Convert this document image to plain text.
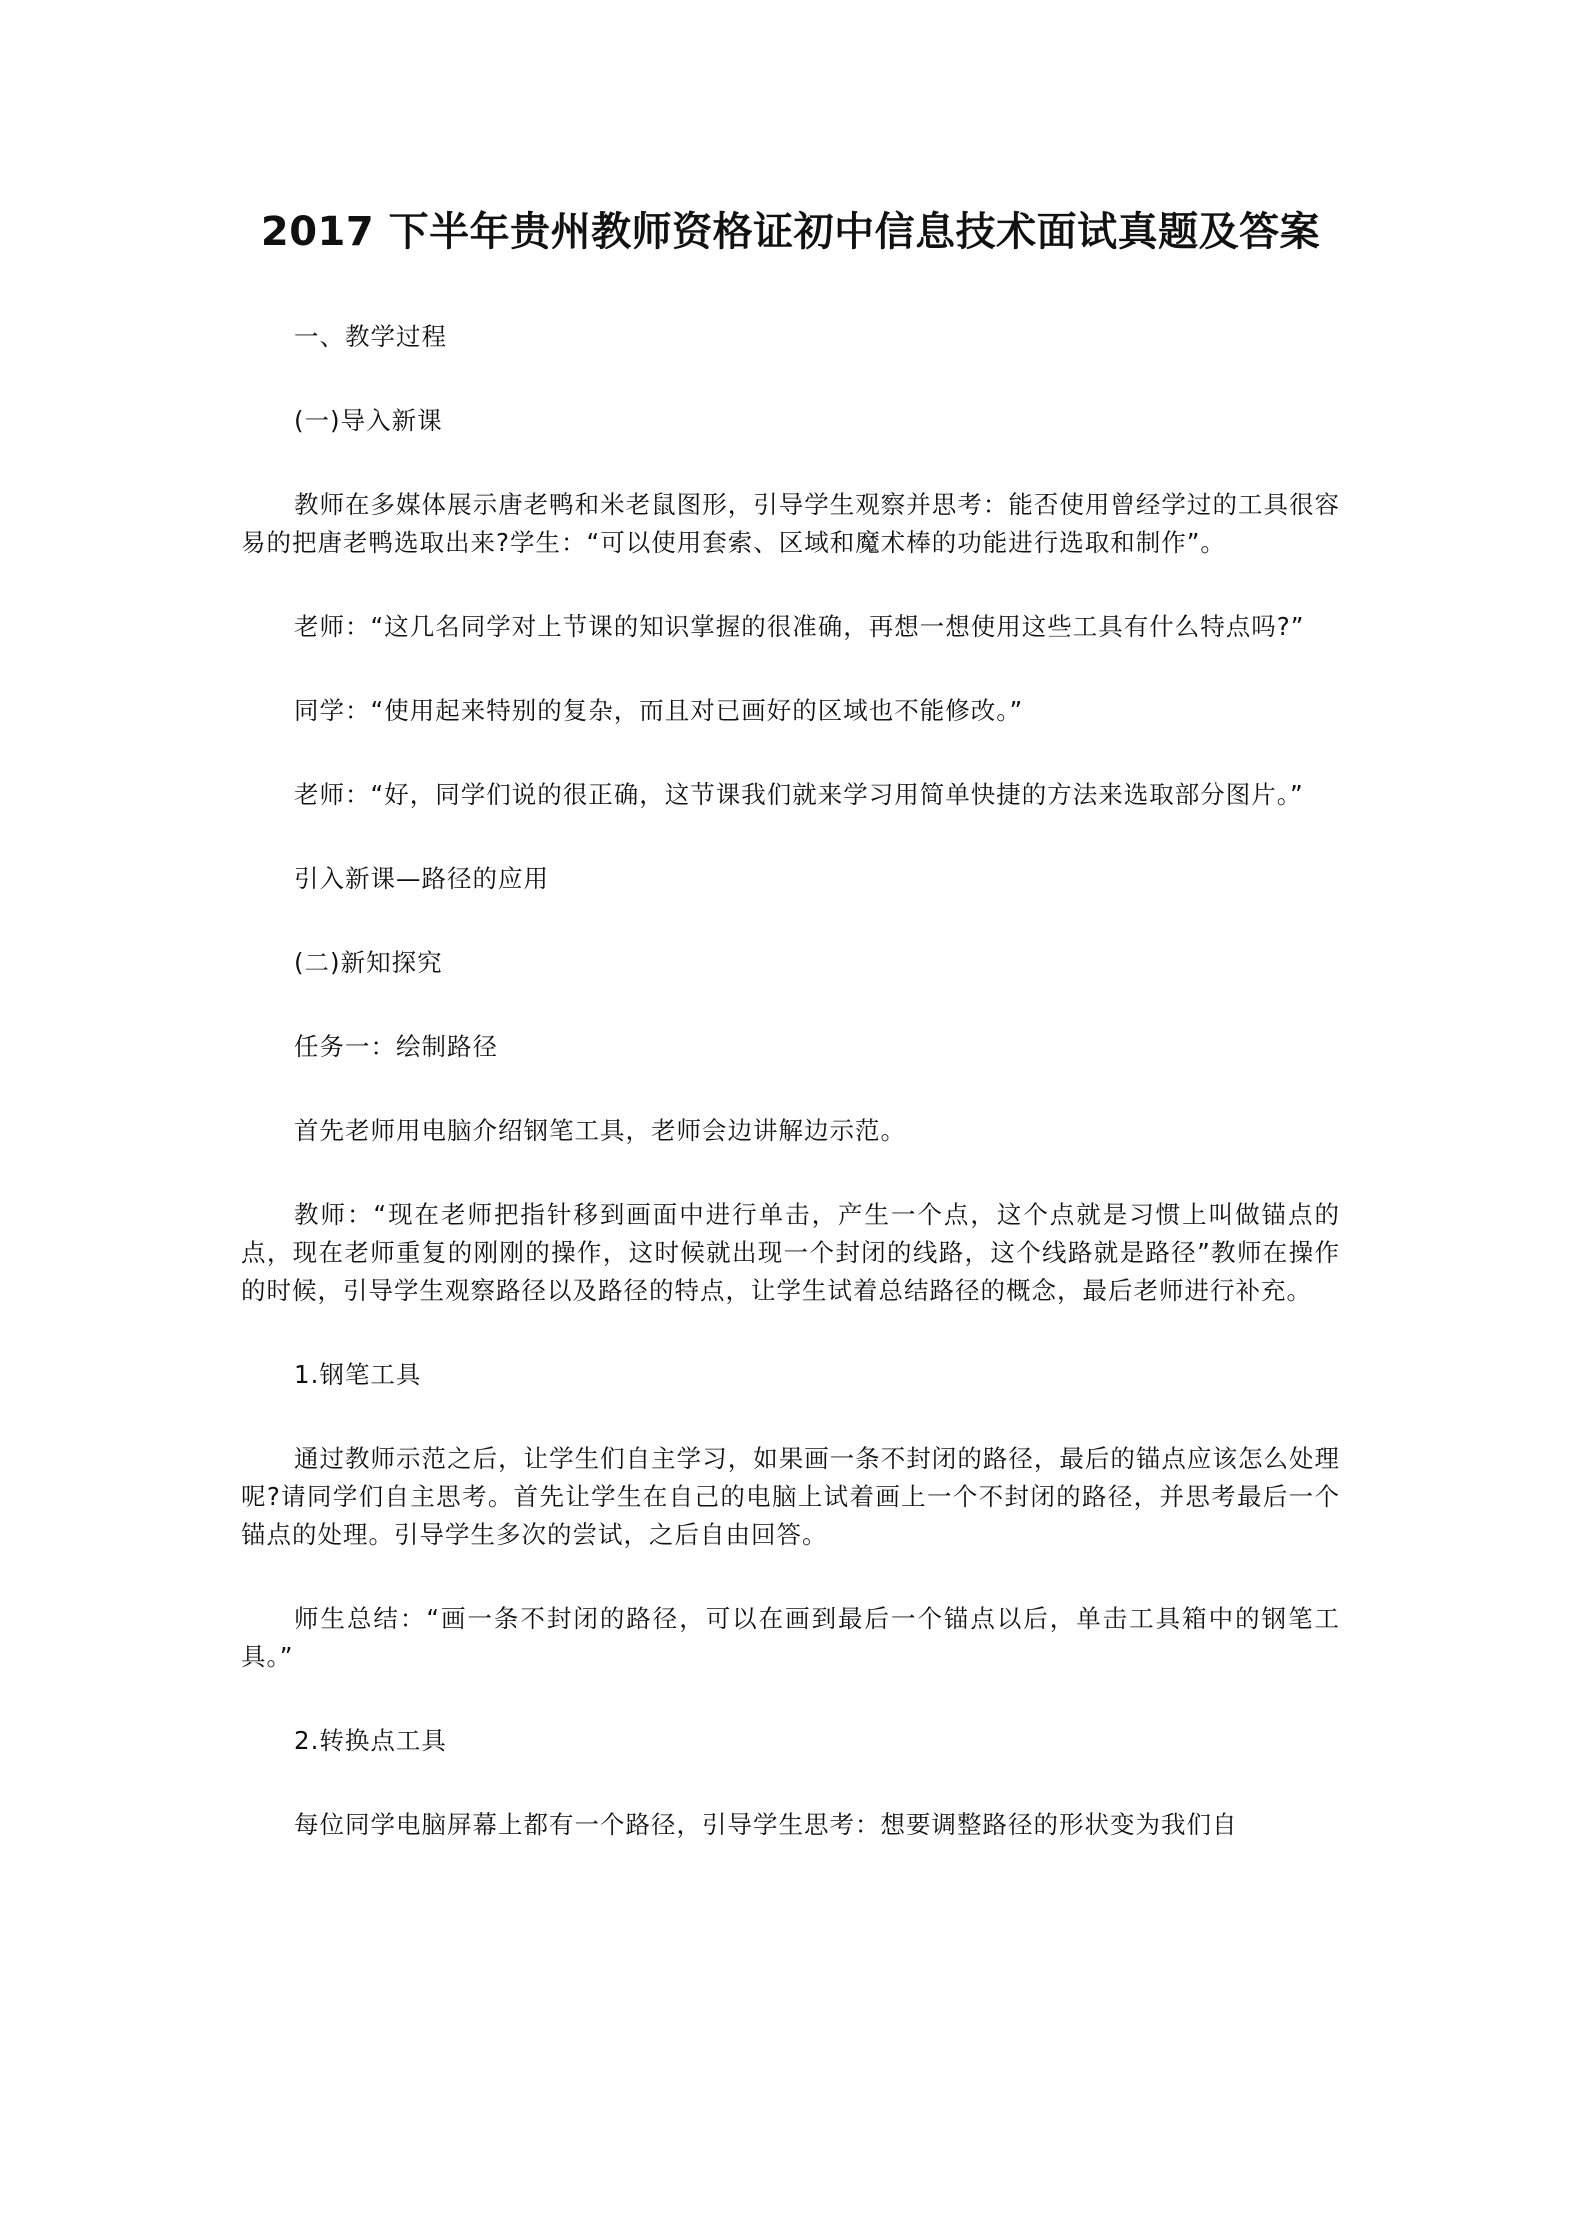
2017 下半年贵州教师资格证初中信息技术面试真题及答案

一、教学过程

(一)导入新课

教师在多媒体展示唐老鸭和米老鼠图形，引导学生观察并思考：能否使用曾经学过的工具很容易的把唐老鸭选取出来?学生：“可以使用套索、区域和魔术棒的功能进行选取和制作”。

老师：“这几名同学对上节课的知识掌握的很准确，再想一想使用这些工具有什么特点吗?”

同学：“使用起来特别的复杂，而且对已画好的区域也不能修改。”

老师：“好，同学们说的很正确，这节课我们就来学习用简单快捷的方法来选取部分图片。”

引入新课—路径的应用

(二)新知探究

任务一：绘制路径

首先老师用电脑介绍钢笔工具，老师会边讲解边示范。

教师：“现在老师把指针移到画面中进行单击，产生一个点，这个点就是习惯上叫做锚点的点，现在老师重复的刚刚的操作，这时候就出现一个封闭的线路，这个线路就是路径”教师在操作的时候，引导学生观察路径以及路径的特点，让学生试着总结路径的概念，最后老师进行补充。

1.钢笔工具

通过教师示范之后，让学生们自主学习，如果画一条不封闭的路径，最后的锚点应该怎么处理呢?请同学们自主思考。首先让学生在自己的电脑上试着画上一个不封闭的路径，并思考最后一个锚点的处理。引导学生多次的尝试，之后自由回答。

师生总结：“画一条不封闭的路径，可以在画到最后一个锚点以后，单击工具箱中的钢笔工具。”

2.转换点工具

每位同学电脑屏幕上都有一个路径，引导学生思考：想要调整路径的形状变为我们自
